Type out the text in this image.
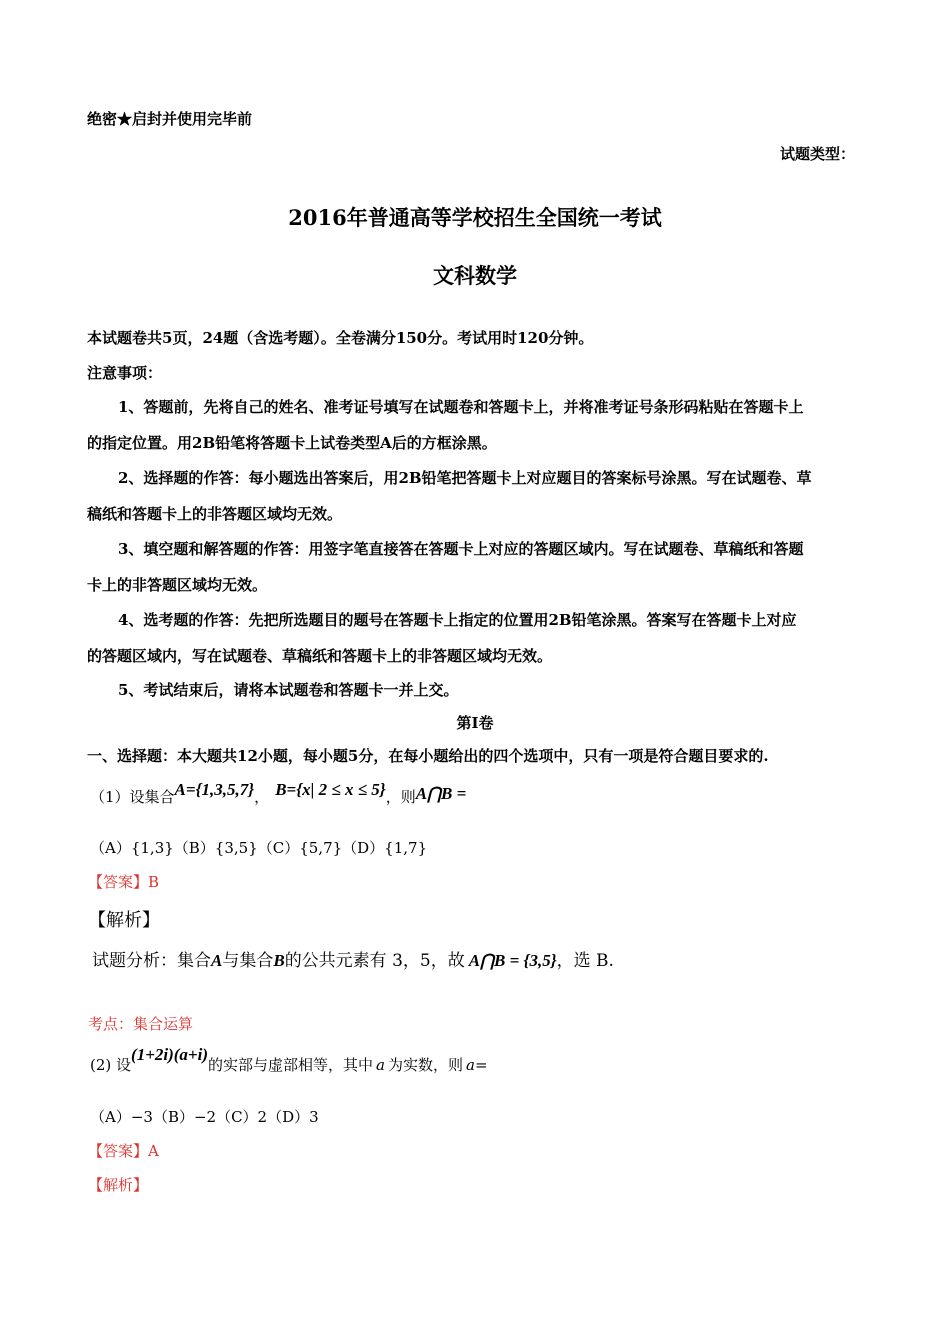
绝密★启封并使用完毕前
试题类型：
2016年普通高等学校招生全国统一考试
文科数学
本试题卷共5页，24题（含选考题）。全卷满分150分。考试用时120分钟。
注意事项：
1、答题前，先将自己的姓名、准考证号填写在试题卷和答题卡上，并将准考证号条形码粘贴在答题卡上
的指定位置。用2B铅笔将答题卡上试卷类型A后的方框涂黑。
2、选择题的作答：每小题选出答案后，用2B铅笔把答题卡上对应题目的答案标号涂黑。写在试题卷、草
稿纸和答题卡上的非答题区域均无效。
3、填空题和解答题的作答：用签字笔直接答在答题卡上对应的答题区域内。写在试题卷、草稿纸和答题
卡上的非答题区域均无效。
4、选考题的作答：先把所选题目的题号在答题卡上指定的位置用2B铅笔涂黑。答案写在答题卡上对应
的答题区域内，写在试题卷、草稿纸和答题卡上的非答题区域均无效。
5、考试结束后，请将本试题卷和答题卡一并上交。
第Ⅰ卷
一、选择题：本大题共12小题，每小题5分，在每小题给出的四个选项中，只有一项是符合题目要求的.
（1）设集合A={1,3,5,7}， B={x| 2 ≤ x ≤ 5}，则A⋂B =
（A）{1,3}（B）{3,5}（C）{5,7}（D）{1,7}
【答案】B
【解析】
试题分析：集合A与集合B的公共元素有 3，5，故 A⋂B = {3,5}，选 B.
考点：集合运算
(2) 设(1+2i)(a+i)的实部与虚部相等，其中 a 为实数，则 a=
（A）−3（B）−2（C）2（D）3
【答案】A
【解析】
